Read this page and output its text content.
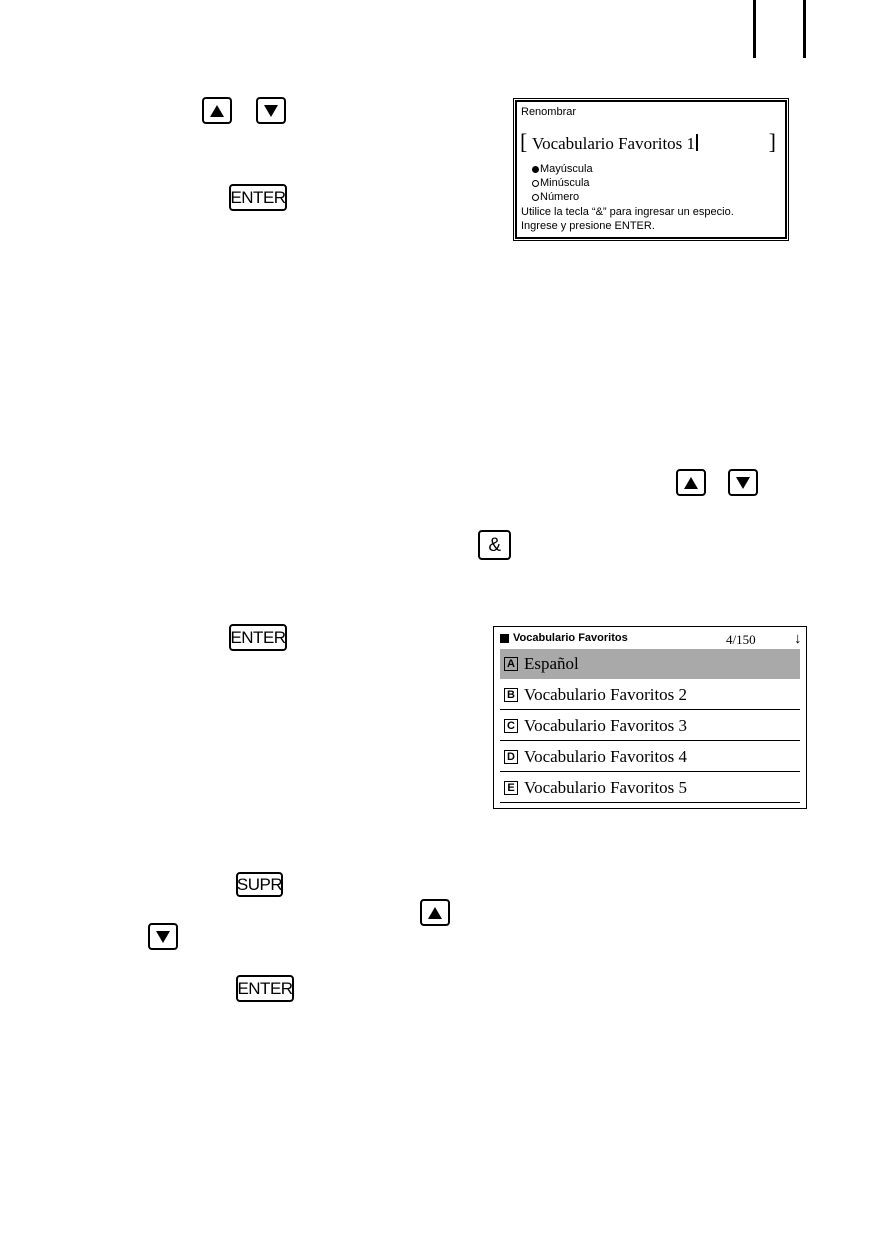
ENTER
Renombrar
[ Vocabulario Favoritos 1	]
Mayúscula
Minúscula
Número
Utilice la tecla “&” para ingresar un especio.
Ingrese y presione ENTER.
&
ENTER	Vocabulario Favoritos	4/150	↓
A Español
B Vocabulario Favoritos 2
C Vocabulario Favoritos 3
D Vocabulario Favoritos 4
E Vocabulario Favoritos 5
SUPR
ENTER
